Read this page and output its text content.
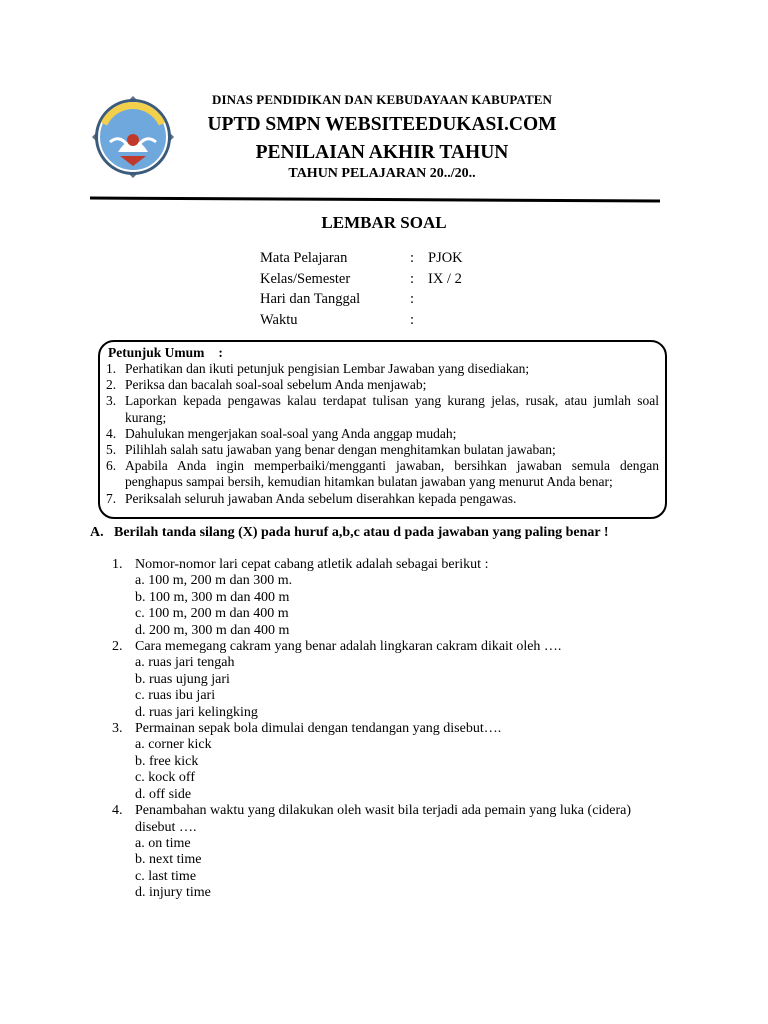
DINAS PENDIDIKAN DAN KEBUDAYAAN KABUPATEN
UPTD SMPN WEBSITEEDUKASI.COM
PENILAIAN AKHIR TAHUN
TAHUN PELAJARAN 20../20..
LEMBAR SOAL
Mata Pelajaran	: PJOK
Kelas/Semester	: IX / 2
Hari dan Tanggal	:
Waktu	:
Petunjuk Umum :
1. Perhatikan dan ikuti petunjuk pengisian Lembar Jawaban yang disediakan;
2. Periksa dan bacalah soal-soal sebelum Anda menjawab;
3. Laporkan kepada pengawas kalau terdapat tulisan yang kurang jelas, rusak, atau jumlah soal kurang;
4. Dahulukan mengerjakan soal-soal yang Anda anggap mudah;
5. Pilihlah salah satu jawaban yang benar dengan menghitamkan bulatan jawaban;
6. Apabila Anda ingin memperbaiki/mengganti jawaban, bersihkan jawaban semula dengan penghapus sampai bersih, kemudian hitamkan bulatan jawaban yang menurut Anda benar;
7. Periksalah seluruh jawaban Anda sebelum diserahkan kepada pengawas.
A. Berilah tanda silang (X) pada huruf a,b,c atau d pada jawaban yang paling benar !
1. Nomor-nomor lari cepat cabang atletik adalah sebagai berikut :
a. 100 m, 200 m dan 300 m.
b. 100 m, 300 m dan 400 m
c. 100 m, 200 m dan 400 m
d. 200 m, 300 m dan 400 m
2. Cara memegang cakram yang benar adalah lingkaran cakram dikait oleh ….
a. ruas jari tengah
b. ruas ujung jari
c. ruas ibu jari
d. ruas jari kelingking
3. Permainan sepak bola dimulai dengan tendangan yang disebut….
a. corner kick
b. free kick
c. kock off
d. off side
4. Penambahan waktu yang dilakukan oleh wasit bila terjadi ada pemain yang luka (cidera) disebut ….
a. on time
b. next time
c. last time
d. injury time
